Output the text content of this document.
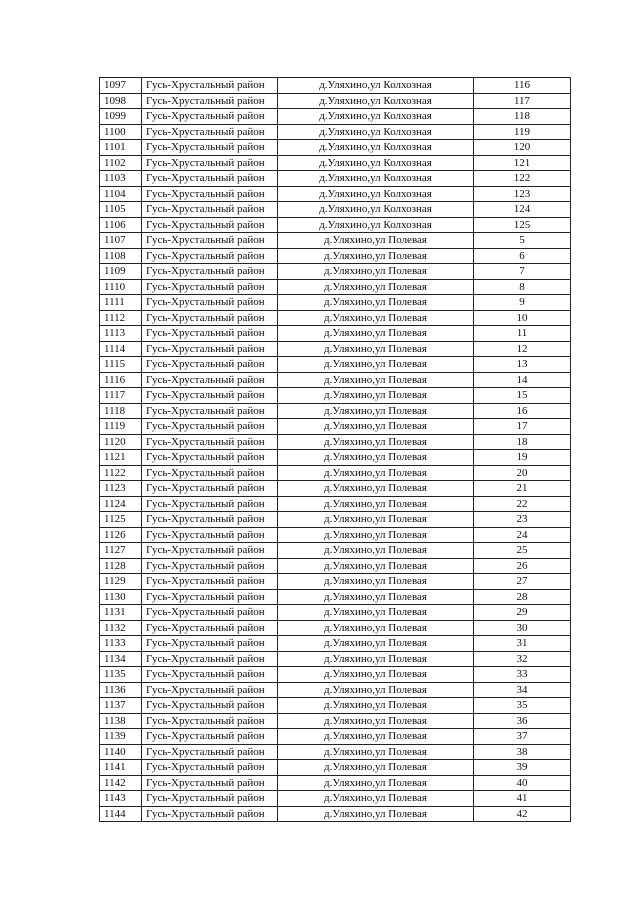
1097	Гусь-Хрустальный район	д.Уляхино,ул Колхозная	116
1098	Гусь-Хрустальный район	д.Уляхино,ул Колхозная	117
1099	Гусь-Хрустальный район	д.Уляхино,ул Колхозная	118
1100	Гусь-Хрустальный район	д.Уляхино,ул Колхозная	119
1101	Гусь-Хрустальный район	д.Уляхино,ул Колхозная	120
1102	Гусь-Хрустальный район	д.Уляхино,ул Колхозная	121
1103	Гусь-Хрустальный район	д.Уляхино,ул Колхозная	122
1104	Гусь-Хрустальный район	д.Уляхино,ул Колхозная	123
1105	Гусь-Хрустальный район	д.Уляхино,ул Колхозная	124
1106	Гусь-Хрустальный район	д.Уляхино,ул Колхозная	125
1107	Гусь-Хрустальный район	д.Уляхино,ул Полевая	5
1108	Гусь-Хрустальный район	д.Уляхино,ул Полевая	6
1109	Гусь-Хрустальный район	д.Уляхино,ул Полевая	7
1110	Гусь-Хрустальный район	д.Уляхино,ул Полевая	8
1111	Гусь-Хрустальный район	д.Уляхино,ул Полевая	9
1112	Гусь-Хрустальный район	д.Уляхино,ул Полевая	10
1113	Гусь-Хрустальный район	д.Уляхино,ул Полевая	11
1114	Гусь-Хрустальный район	д.Уляхино,ул Полевая	12
1115	Гусь-Хрустальный район	д.Уляхино,ул Полевая	13
1116	Гусь-Хрустальный район	д.Уляхино,ул Полевая	14
1117	Гусь-Хрустальный район	д.Уляхино,ул Полевая	15
1118	Гусь-Хрустальный район	д.Уляхино,ул Полевая	16
1119	Гусь-Хрустальный район	д.Уляхино,ул Полевая	17
1120	Гусь-Хрустальный район	д.Уляхино,ул Полевая	18
1121	Гусь-Хрустальный район	д.Уляхино,ул Полевая	19
1122	Гусь-Хрустальный район	д.Уляхино,ул Полевая	20
1123	Гусь-Хрустальный район	д.Уляхино,ул Полевая	21
1124	Гусь-Хрустальный район	д.Уляхино,ул Полевая	22
1125	Гусь-Хрустальный район	д.Уляхино,ул Полевая	23
1126	Гусь-Хрустальный район	д.Уляхино,ул Полевая	24
1127	Гусь-Хрустальный район	д.Уляхино,ул Полевая	25
1128	Гусь-Хрустальный район	д.Уляхино,ул Полевая	26
1129	Гусь-Хрустальный район	д.Уляхино,ул Полевая	27
1130	Гусь-Хрустальный район	д.Уляхино,ул Полевая	28
1131	Гусь-Хрустальный район	д.Уляхино,ул Полевая	29
1132	Гусь-Хрустальный район	д.Уляхино,ул Полевая	30
1133	Гусь-Хрустальный район	д.Уляхино,ул Полевая	31
1134	Гусь-Хрустальный район	д.Уляхино,ул Полевая	32
1135	Гусь-Хрустальный район	д.Уляхино,ул Полевая	33
1136	Гусь-Хрустальный район	д.Уляхино,ул Полевая	34
1137	Гусь-Хрустальный район	д.Уляхино,ул Полевая	35
1138	Гусь-Хрустальный район	д.Уляхино,ул Полевая	36
1139	Гусь-Хрустальный район	д.Уляхино,ул Полевая	37
1140	Гусь-Хрустальный район	д.Уляхино,ул Полевая	38
1141	Гусь-Хрустальный район	д.Уляхино,ул Полевая	39
1142	Гусь-Хрустальный район	д.Уляхино,ул Полевая	40
1143	Гусь-Хрустальный район	д.Уляхино,ул Полевая	41
1144	Гусь-Хрустальный район	д.Уляхино,ул Полевая	42
